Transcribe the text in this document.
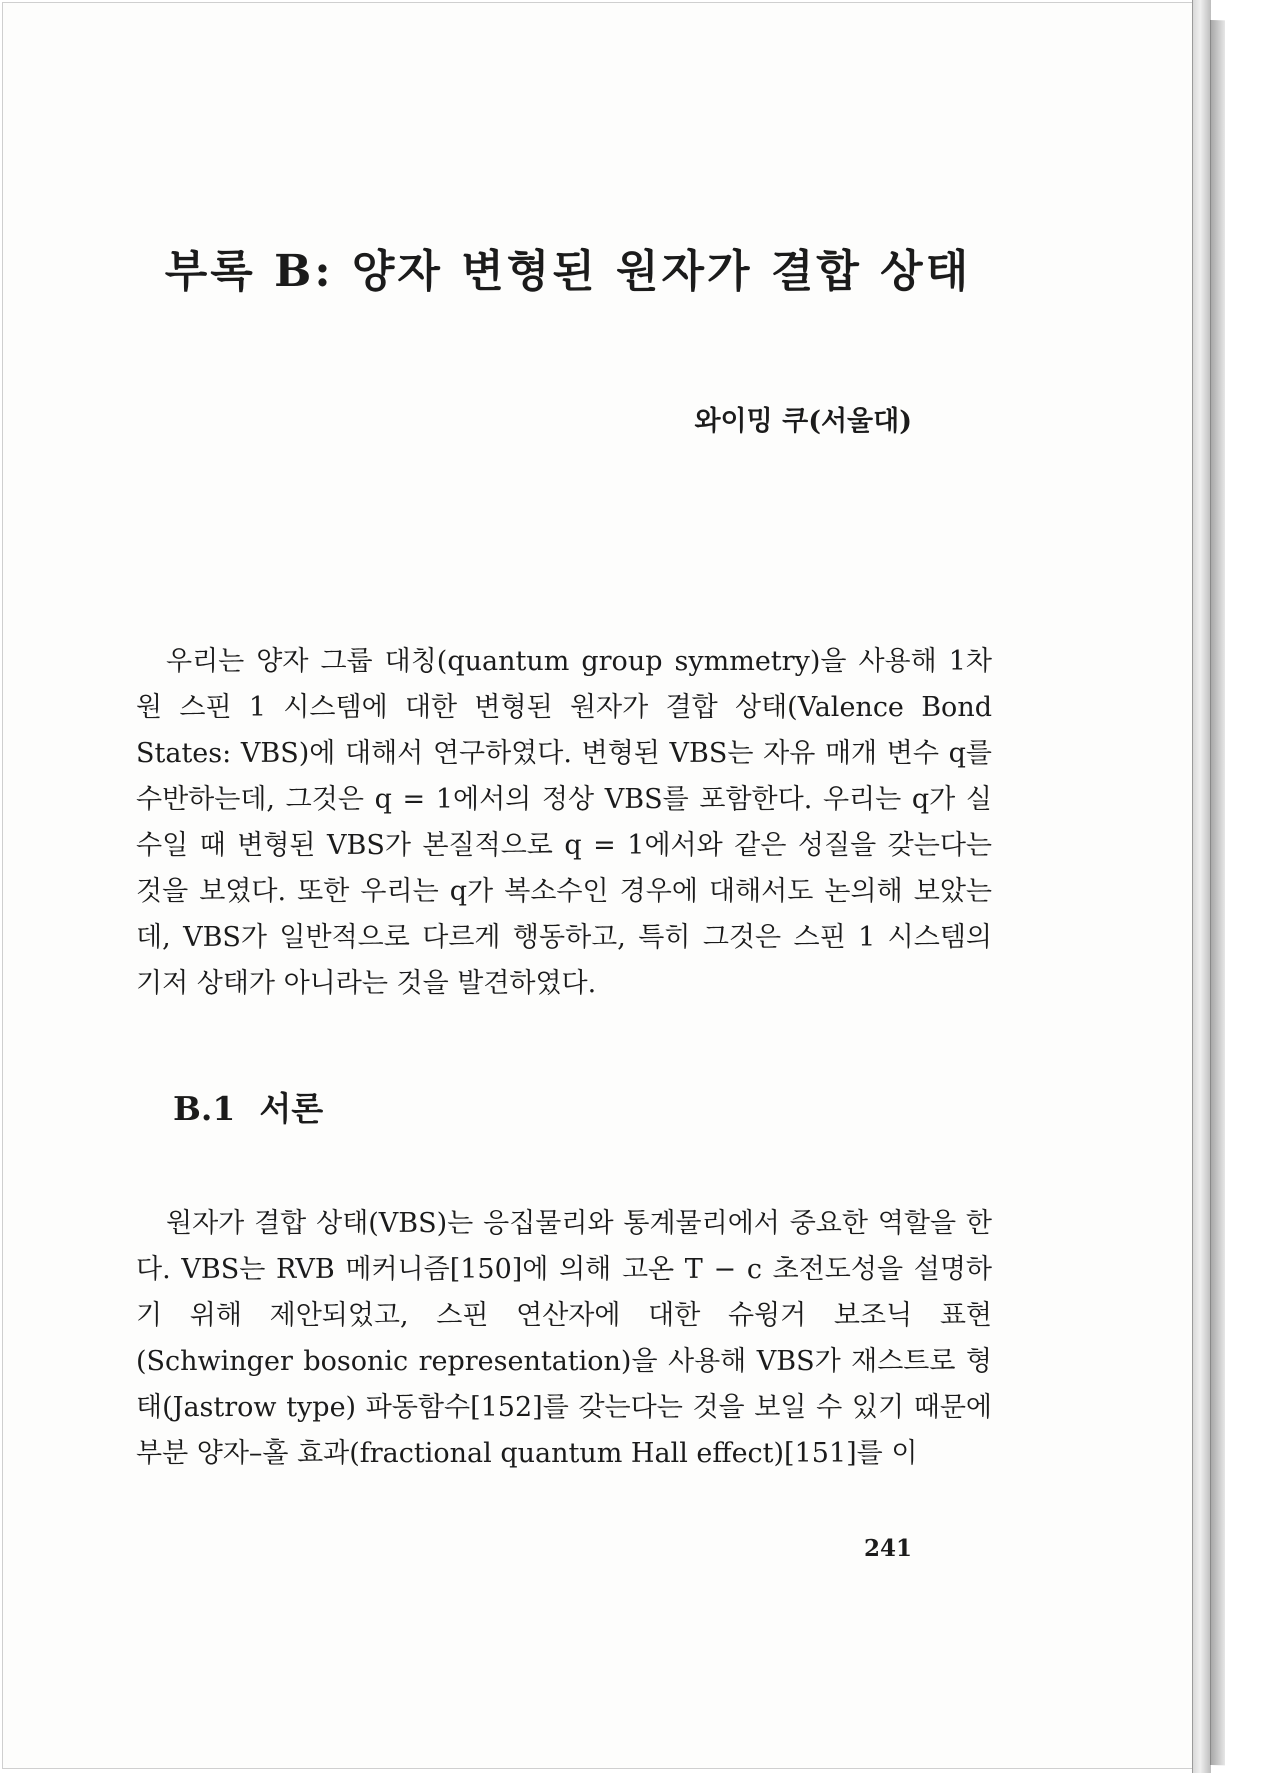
부록 B: 양자 변형된 원자가 결합 상태

와이밍 쿠(서울대)

우리는 양자 그룹 대칭(quantum group symmetry)을 사용해 1차원 스핀 1 시스템에 대한 변형된 원자가 결합 상태(Valence Bond States: VBS)에 대해서 연구하였다. 변형된 VBS는 자유 매개 변수 q를 수반하는데, 그것은 q = 1에서의 정상 VBS를 포함한다. 우리는 q가 실수일 때 변형된 VBS가 본질적으로 q = 1에서와 같은 성질을 갖는다는 것을 보였다. 또한 우리는 q가 복소수인 경우에 대해서도 논의해 보았는데, VBS가 일반적으로 다르게 행동하고, 특히 그것은 스핀 1 시스템의 기저 상태가 아니라는 것을 발견하였다.

B.1 서론

원자가 결합 상태(VBS)는 응집물리와 통계물리에서 중요한 역할을 한다. VBS는 RVB 메커니즘[150]에 의해 고온 T − c 초전도성을 설명하기 위해 제안되었고, 스핀 연산자에 대한 슈윙거 보조닉 표현(Schwinger bosonic representation)을 사용해 VBS가 재스트로 형태(Jastrow type) 파동함수[152]를 갖는다는 것을 보일 수 있기 때문에 부분 양자–홀 효과(fractional quantum Hall effect)[151]를 이

241
